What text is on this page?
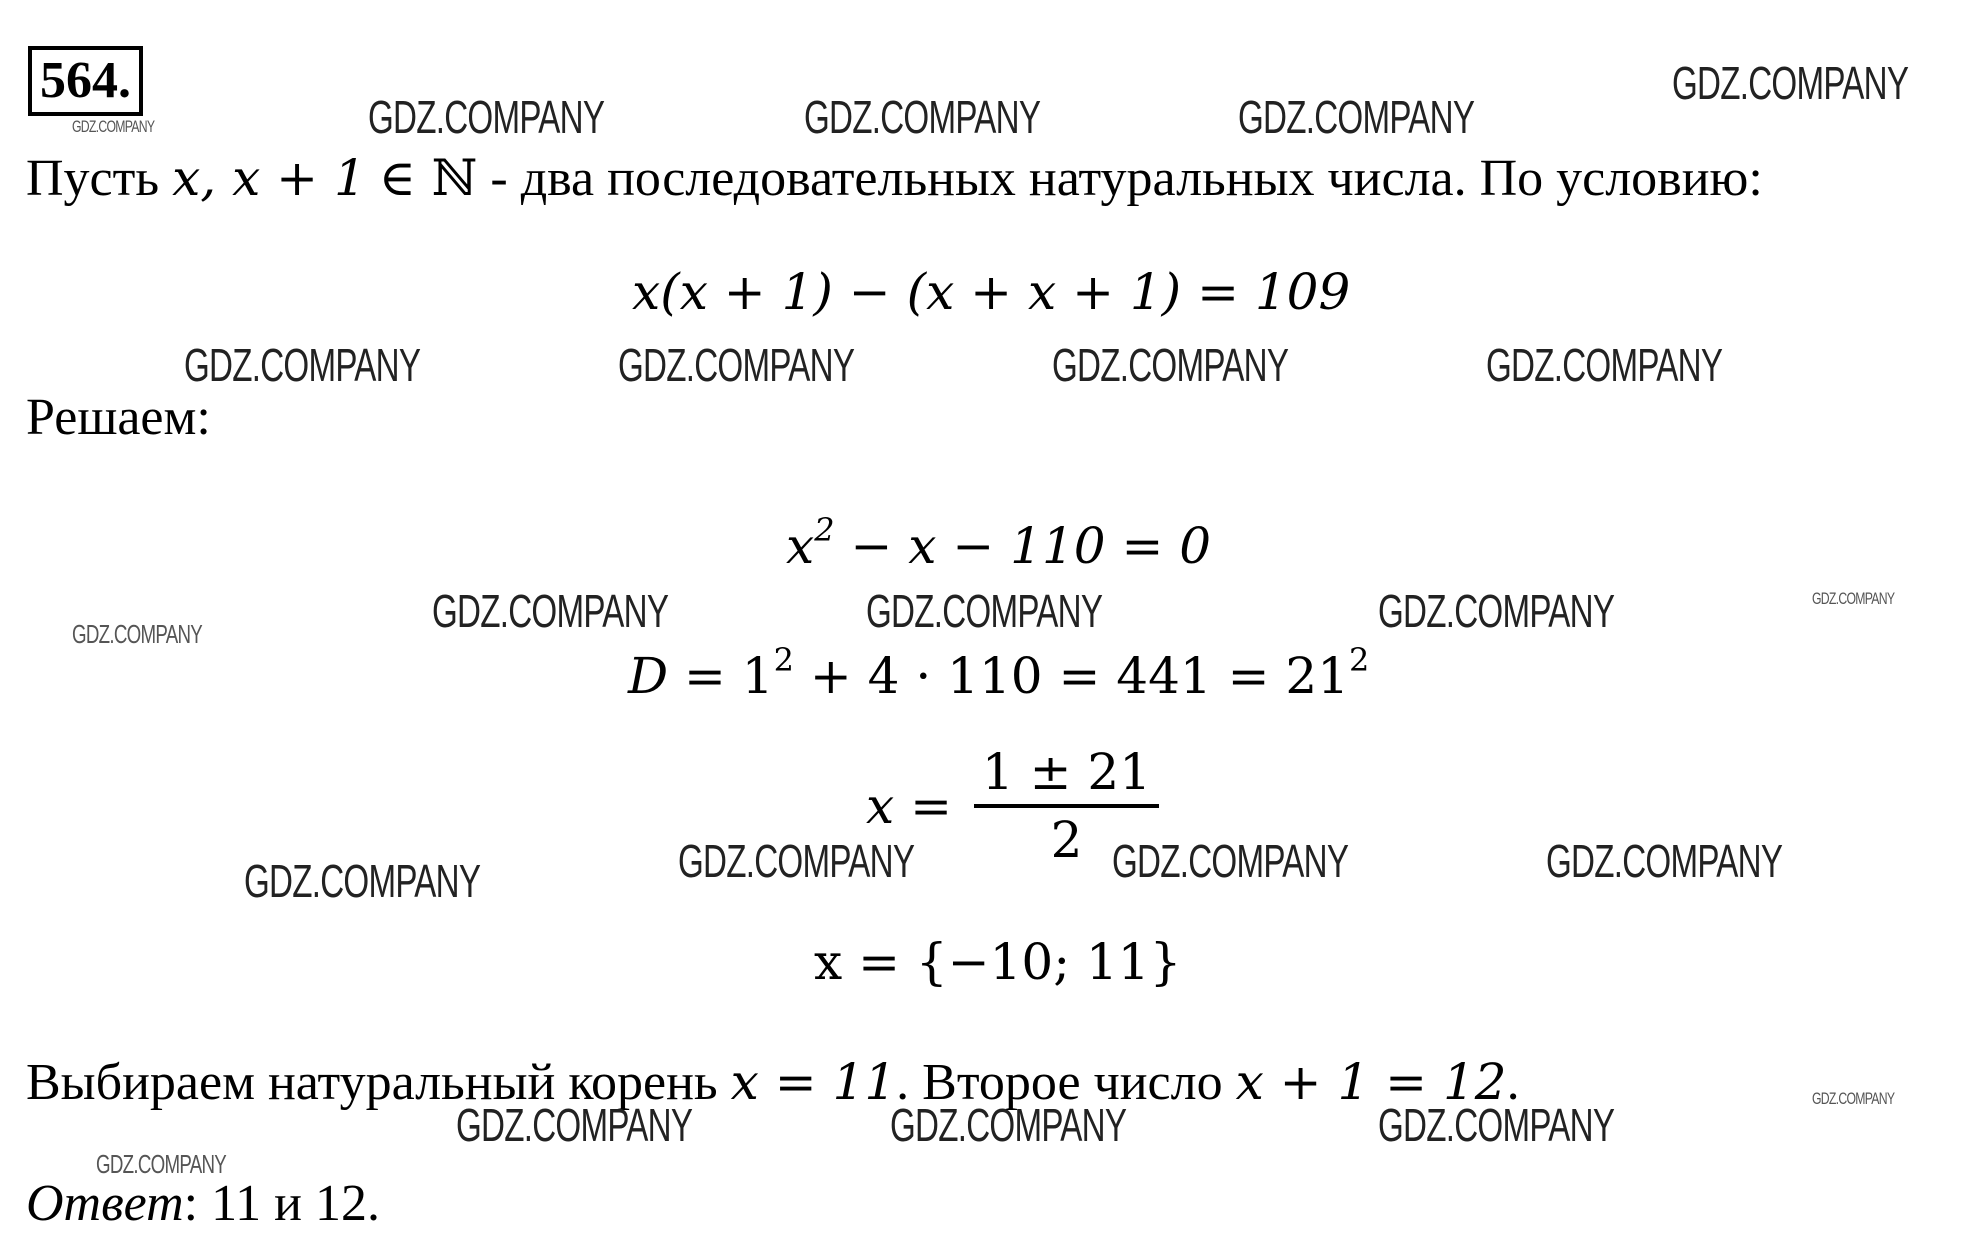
564.
GDZ.COMPANY	GDZ.COMPANY	GDZ.COMPANY	GDZ.COMPANY
GDZ.COMPANY
Пусть x, x + 1 ∈ ℕ - два последовательных натуральных числа. По условию:
x(x + 1) − (x + x + 1) = 109
GDZ.COMPANY	GDZ.COMPANY	GDZ.COMPANY	GDZ.COMPANY
Решаем:
$x^2 - x - 110 = 0$
GDZ.COMPANY	GDZ.COMPANY	GDZ.COMPANY	GDZ.COMPANY	GDZ.COMPANY
$D = 1^2 + 4 \cdot 110 = 441 = 21^2$
$x = \frac{1 \pm 21}{2}$
GDZ.COMPANY	GDZ.COMPANY	GDZ.COMPANY	GDZ.COMPANY
x = {−10; 11}
Выбираем натуральный корень x = 11. Второе число x + 1 = 12.
GDZ.COMPANY	GDZ.COMPANY	GDZ.COMPANY
GDZ.COMPANY
GDZ.COMPANY
Ответ: 11 и 12.
